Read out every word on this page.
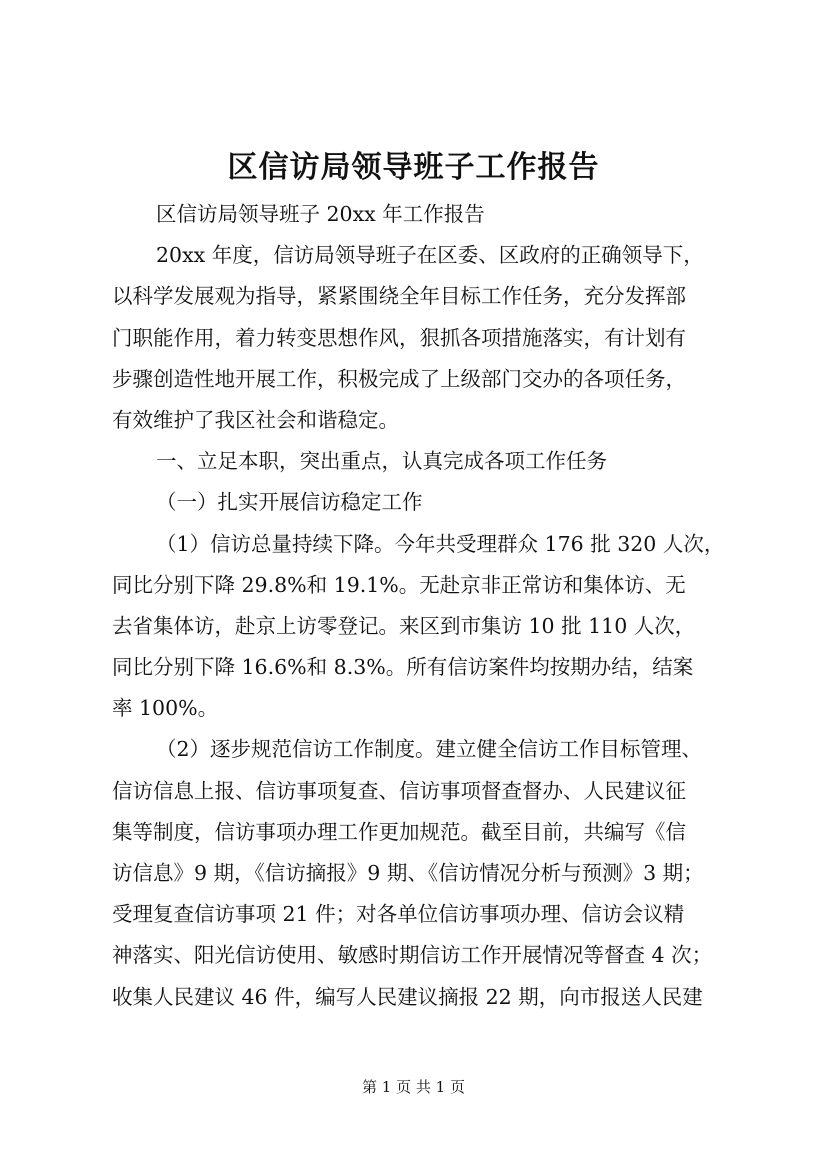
区信访局领导班子工作报告
区信访局领导班子 20xx 年工作报告
20xx 年度，信访局领导班子在区委、区政府的正确领导下，
以科学发展观为指导，紧紧围绕全年目标工作任务，充分发挥部
门职能作用，着力转变思想作风，狠抓各项措施落实，有计划有
步骤创造性地开展工作，积极完成了上级部门交办的各项任务，
有效维护了我区社会和谐稳定。
一、立足本职，突出重点，认真完成各项工作任务
（一）扎实开展信访稳定工作
（1）信访总量持续下降。今年共受理群众 176 批 320 人次，
同比分别下降 29.8%和 19.1%。无赴京非正常访和集体访、无
去省集体访，赴京上访零登记。来区到市集访 10 批 110 人次，
同比分别下降 16.6%和 8.3%。所有信访案件均按期办结，结案
率 100%。
（2）逐步规范信访工作制度。建立健全信访工作目标管理、
信访信息上报、信访事项复查、信访事项督查督办、人民建议征
集等制度，信访事项办理工作更加规范。截至目前，共编写《信
访信息》9 期，《信访摘报》9 期、《信访情况分析与预测》3 期；
受理复查信访事项 21 件；对各单位信访事项办理、信访会议精
神落实、阳光信访使用、敏感时期信访工作开展情况等督查 4 次；
收集人民建议 46 件，编写人民建议摘报 22 期，向市报送人民建
第 1 页 共 1 页
